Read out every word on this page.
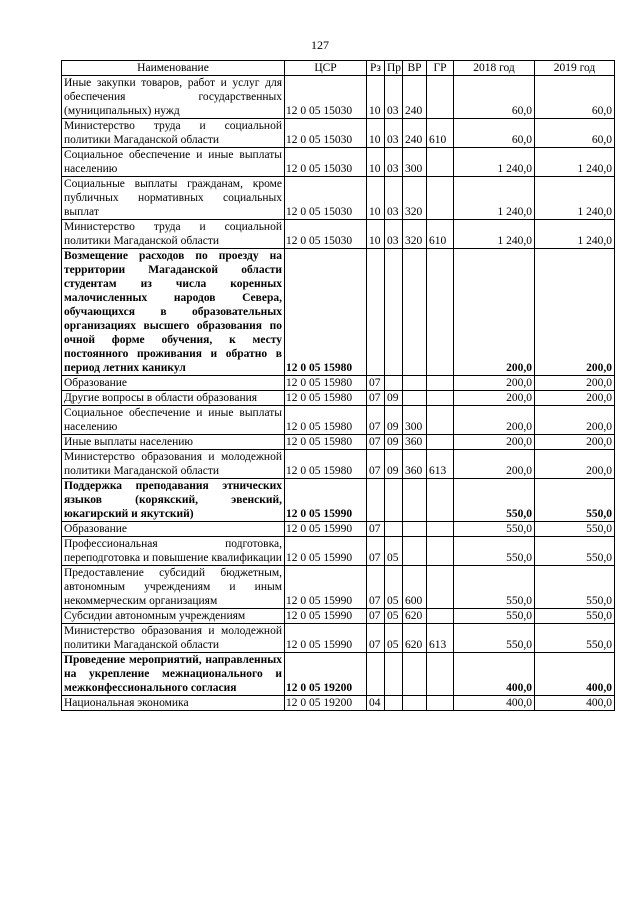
127
Наименование	ЦСР	Рз	Пр	ВР	ГР	2018 год	2019 год
Иные закупки товаров, работ и услуг для обеспечения государственных (муниципальных) нужд	12 0 05 15030	10	03	240		60,0	60,0
Министерство труда и социальной политики Магаданской области	12 0 05 15030	10	03	240	610	60,0	60,0
Социальное обеспечение и иные выплаты населению	12 0 05 15030	10	03	300		1 240,0	1 240,0
Социальные выплаты гражданам, кроме публичных нормативных социальных выплат	12 0 05 15030	10	03	320		1 240,0	1 240,0
Министерство труда и социальной политики Магаданской области	12 0 05 15030	10	03	320	610	1 240,0	1 240,0
Возмещение расходов по проезду на территории Магаданской области студентам из числа коренных малочисленных народов Севера, обучающихся в образовательных организациях высшего образования по очной форме обучения, к месту постоянного проживания и обратно в период летних каникул	12 0 05 15980					200,0	200,0
Образование	12 0 05 15980	07				200,0	200,0
Другие вопросы в области образования	12 0 05 15980	07	09			200,0	200,0
Социальное обеспечение и иные выплаты населению	12 0 05 15980	07	09	300		200,0	200,0
Иные выплаты населению	12 0 05 15980	07	09	360		200,0	200,0
Министерство образования и молодежной политики Магаданской области	12 0 05 15980	07	09	360	613	200,0	200,0
Поддержка преподавания этнических языков (корякский, эвенский, юкагирский и якутский)	12 0 05 15990					550,0	550,0
Образование	12 0 05 15990	07				550,0	550,0
Профессиональная подготовка, переподготовка и повышение квалификации	12 0 05 15990	07	05			550,0	550,0
Предоставление субсидий бюджетным, автономным учреждениям и иным некоммерческим организациям	12 0 05 15990	07	05	600		550,0	550,0
Субсидии автономным учреждениям	12 0 05 15990	07	05	620		550,0	550,0
Министерство образования и молодежной политики Магаданской области	12 0 05 15990	07	05	620	613	550,0	550,0
Проведение мероприятий, направленных на укрепление межнационального и межконфессионального согласия	12 0 05 19200					400,0	400,0
Национальная экономика	12 0 05 19200	04				400,0	400,0
